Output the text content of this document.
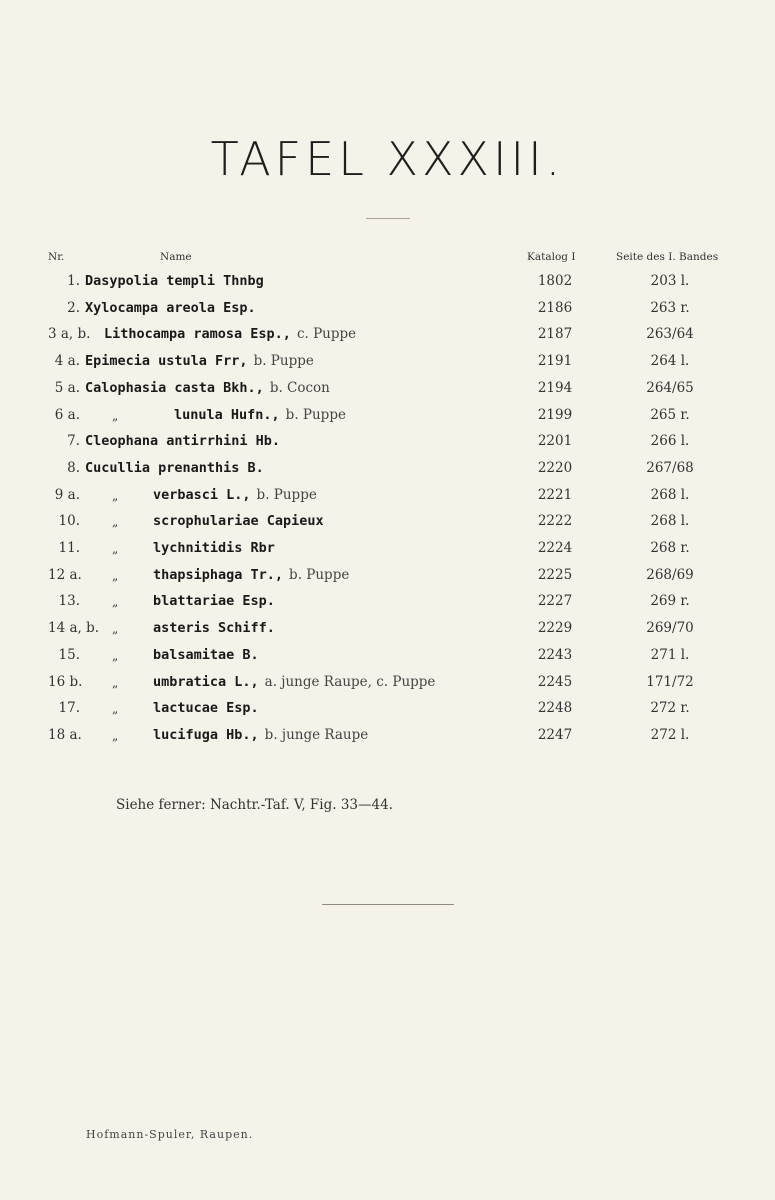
TAFEL XXXIII.
Nr.	Name	Katalog I	Seite des I. Bandes
1. Dasypolia templi Thnbg	1802	203 l.
2. Xylocampa areola Esp.	2186	263 r.
3 a, b. Lithocampa ramosa Esp., c. Puppe	2187	263/64
4 a. Epimecia ustula Frr, b. Puppe	2191	264 l.
5 a. Calophasia casta Bkh., b. Cocon	2194	264/65
6 a.	„	lunula Hufn., b. Puppe	2199	265 r.
7. Cleophana antirrhini Hb.	2201	266 l.
8. Cucullia prenanthis B.	2220	267/68
9 a.	„	verbasci L., b. Puppe	2221	268 l.
10.	„	scrophulariae Capieux	2222	268 l.
11.	„	lychnitidis Rbr	2224	268 r.
12 a.	„	thapsiphaga Tr., b. Puppe	2225	268/69
13.	„	blattariae Esp.	2227	269 r.
14 a, b. „	asteris Schiff.	2229	269/70
15.	„	balsamitae B.	2243	271 l.
16 b. „	umbratica L., a. junge Raupe, c. Puppe	2245	171/72
17.	„	lactucae Esp.	2248	272 r.
18 a.	„	lucifuga Hb., b. junge Raupe	2247	272 l.
Siehe ferner: Nachtr.-Taf. V, Fig. 33—44.
Hofmann-Spuler, Raupen.
